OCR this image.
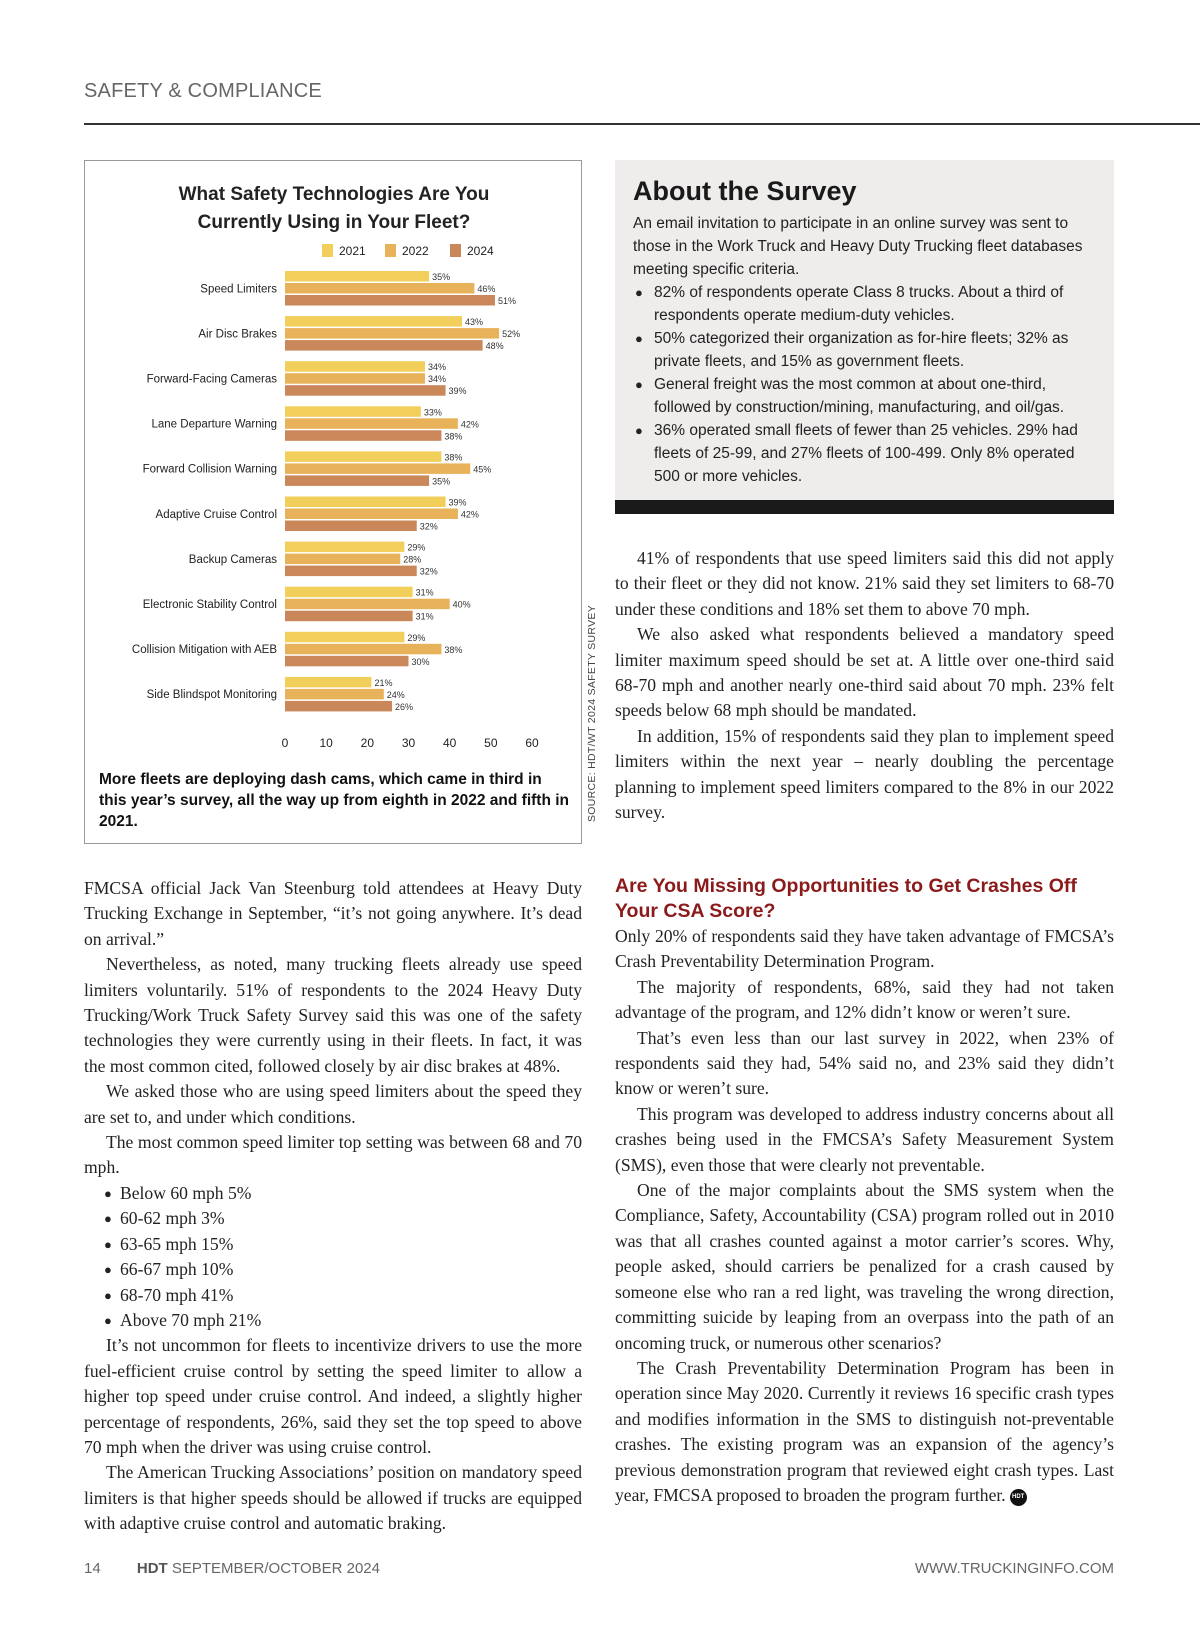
SAFETY & COMPLIANCE
What Safety Technologies Are You
Currently Using in Your Fleet?
2021	2022	2024
Speed Limiters
35%
46%
51%
Air Disc Brakes
43%
52%
48%
Forward-Facing Cameras
34%
34%
39%
Lane Departure Warning
33%
42%
38%
Forward Collision Warning
38%
45%
35%
Adaptive Cruise Control
39%
42%
32%
Backup Cameras
29%
28%
32%
Electronic Stability Control
31%
40%
31%
Collision Mitigation with AEB
29%
38%
30%
Side Blindspot Monitoring
21%
24%
26%
0	10 20 30 40 50 60
More fleets are deploying dash cams, which came in third in this year’s survey, all the way up from eighth in 2022 and fifth in 2021.	SOURCE: HDT/WT 2024 SAFETY SURVEY
About the Survey

An email invitation to participate in an online survey was sent to those in the Work Truck and Heavy Duty Trucking fleet databases meeting specific criteria.

● 82% of respondents operate Class 8 trucks. About a third of respondents operate medium-duty vehicles.
● 50% categorized their organization as for-hire fleets; 32% as private fleets, and 15% as government fleets.
● General freight was the most common at about one-third, followed by construction/mining, manufacturing, and oil/gas.
● 36% operated small fleets of fewer than 25 vehicles. 29% had fleets of 25-99, and 27% fleets of 100-499. Only 8% operated 500 or more vehicles.

FMCSA official Jack Van Steenburg told attendees at Heavy Duty Trucking Exchange in September, “it’s not going anywhere. It’s dead on arrival.”

Nevertheless, as noted, many trucking fleets already use speed limiters voluntarily. 51% of respondents to the 2024 Heavy Duty Trucking/Work Truck Safety Survey said this was one of the safety technologies they were currently using in their fleets. In fact, it was the most common cited, followed closely by air disc brakes at 48%.

We asked those who are using speed limiters about the speed they are set to, and under which conditions.

The most common speed limiter top setting was between 68 and 70 mph.

● Below 60 mph 5%
● 60-62 mph 3%
● 63-65 mph 15%
● 66-67 mph 10%
● 68-70 mph 41%
● Above 70 mph 21%

It’s not uncommon for fleets to incentivize drivers to use the more fuel-efficient cruise control by setting the speed limiter to allow a higher top speed under cruise control. And indeed, a slightly higher percentage of respondents, 26%, said they set the top speed to above 70 mph when the driver was using cruise control.

The American Trucking Associations’ position on mandatory speed limiters is that higher speeds should be allowed if trucks are equipped with adaptive cruise control and automatic braking.

41% of respondents that use speed limiters said this did not apply to their fleet or they did not know. 21% said they set limiters to 68-70 under these conditions and 18% set them to above 70 mph.

We also asked what respondents believed a mandatory speed limiter maximum speed should be set at. A little over one-third said 68-70 mph and another nearly one-third said about 70 mph. 23% felt speeds below 68 mph should be mandated.

In addition, 15% of respondents said they plan to implement speed limiters within the next year – nearly doubling the percentage planning to implement speed limiters compared to the 8% in our 2022 survey.

Are You Missing Opportunities to Get Crashes Off Your CSA Score?

Only 20% of respondents said they have taken advantage of FMCSA’s Crash Preventability Determination Program.

The majority of respondents, 68%, said they had not taken advantage of the program, and 12% didn’t know or weren’t sure.

That’s even less than our last survey in 2022, when 23% of respondents said they had, 54% said no, and 23% said they didn’t know or weren’t sure.

This program was developed to address industry concerns about all crashes being used in the FMCSA’s Safety Measurement System (SMS), even those that were clearly not preventable.

One of the major complaints about the SMS system when the Compliance, Safety, Accountability (CSA) program rolled out in 2010 was that all crashes counted against a motor carrier’s scores. Why, people asked, should carriers be penalized for a crash caused by someone else who ran a red light, was traveling the wrong direction, committing suicide by leaping from an overpass into the path of an oncoming truck, or numerous other scenarios?

The Crash Preventability Determination Program has been in operation since May 2020. Currently it reviews 16 specific crash types and modifies information in the SMS to distinguish not-preventable crashes. The existing program was an expansion of the agency’s previous demonstration program that reviewed eight crash types. Last year, FMCSA proposed to broaden the program further. HDT

14 HDT SEPTEMBER/OCTOBER 2024	WWW.TRUCKINGINFO.COM
